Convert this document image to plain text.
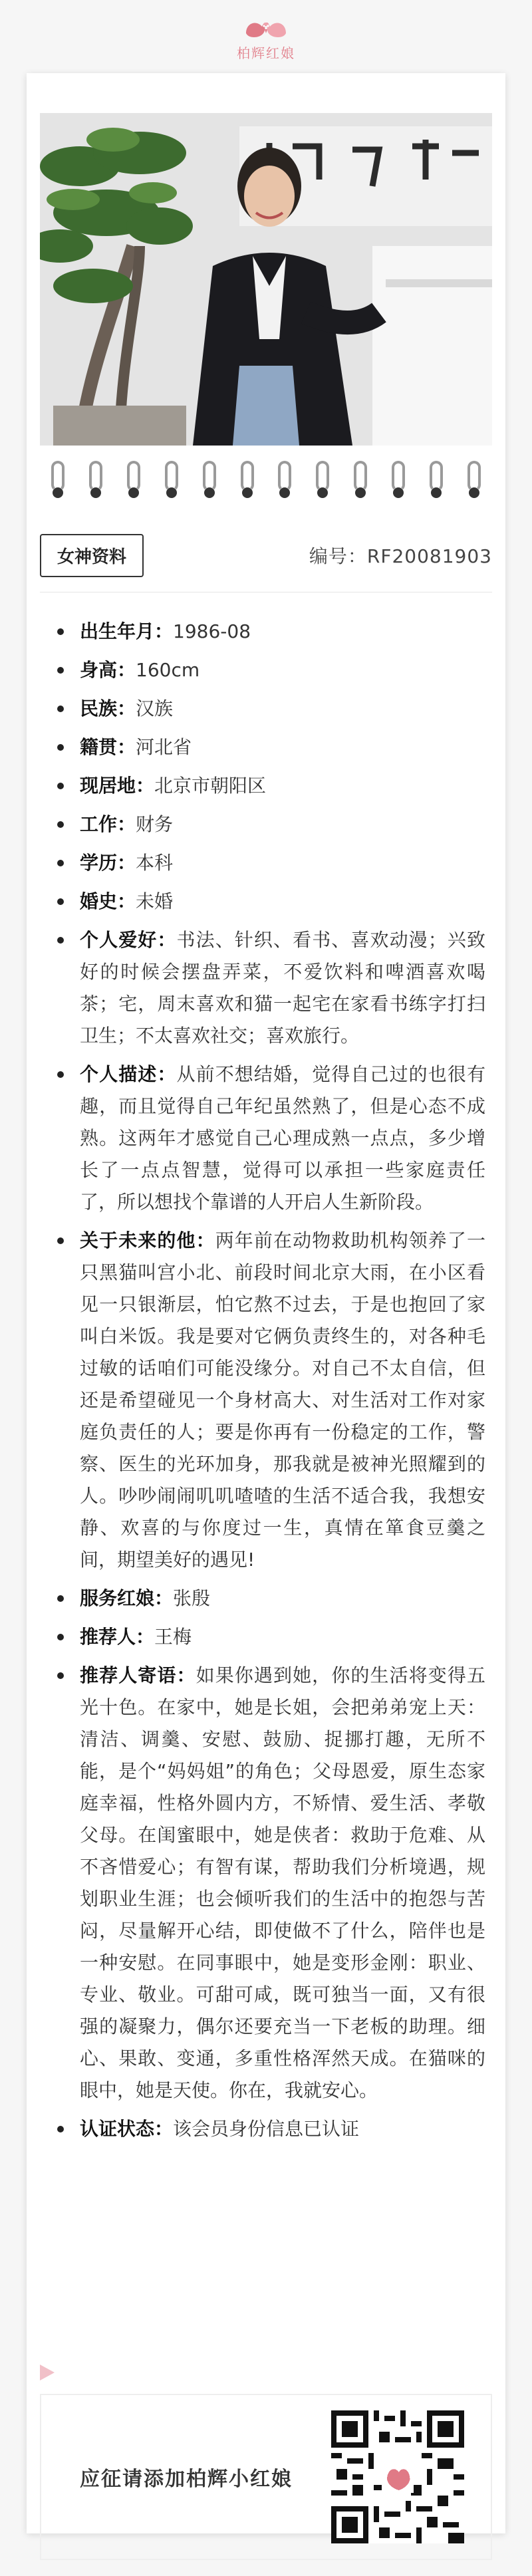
柏辉红娘
女神资料	编号：RF20081903
出生年月：1986-08
身高：160cm
民族：汉族
籍贯：河北省
现居地：北京市朝阳区
工作：财务
学历：本科
婚史：未婚
个人爱好：书法、针织、看书、喜欢动漫；兴致好的时候会摆盘弄菜，不爱饮料和啤酒喜欢喝茶；宅，周末喜欢和猫一起宅在家看书练字打扫卫生；不太喜欢社交；喜欢旅行。
个人描述：从前不想结婚，觉得自己过的也很有趣，而且觉得自己年纪虽然熟了，但是心态不成熟。这两年才感觉自己心理成熟一点点，多少增长了一点点智慧，觉得可以承担一些家庭责任了，所以想找个靠谱的人开启人生新阶段。
关于未来的他：两年前在动物救助机构领养了一只黑猫叫宫小北、前段时间北京大雨，在小区看见一只银渐层，怕它熬不过去，于是也抱回了家叫白米饭。我是要对它俩负责终生的，对各种毛过敏的话咱们可能没缘分。对自己不太自信，但还是希望碰见一个身材高大、对生活对工作对家庭负责任的人；要是你再有一份稳定的工作，警察、医生的光环加身，那我就是被神光照耀到的人。吵吵闹闹叽叽喳喳的生活不适合我，我想安静、欢喜的与你度过一生，真情在箪食豆羹之间，期望美好的遇见!
服务红娘：张殷
推荐人：王梅
推荐人寄语：如果你遇到她，你的生活将变得五光十色。在家中，她是长姐，会把弟弟宠上天：清洁、调羹、安慰、鼓励、捉挪打趣，无所不能，是个“妈妈姐”的角色；父母恩爱，原生态家庭幸福，性格外圆内方，不矫情、爱生活、孝敬父母。在闺蜜眼中，她是侠者：救助于危难、从不吝惜爱心；有智有谋，帮助我们分析境遇，规划职业生涯；也会倾听我们的生活中的抱怨与苦闷，尽量解开心结，即使做不了什么，陪伴也是一种安慰。在同事眼中，她是变形金刚：职业、专业、敬业。可甜可咸，既可独当一面，又有很强的凝聚力，偶尔还要充当一下老板的助理。细心、果敢、变通，多重性格浑然天成。在猫咪的眼中，她是天使。你在，我就安心。
认证状态：该会员身份信息已认证
应征请添加柏辉小红娘
